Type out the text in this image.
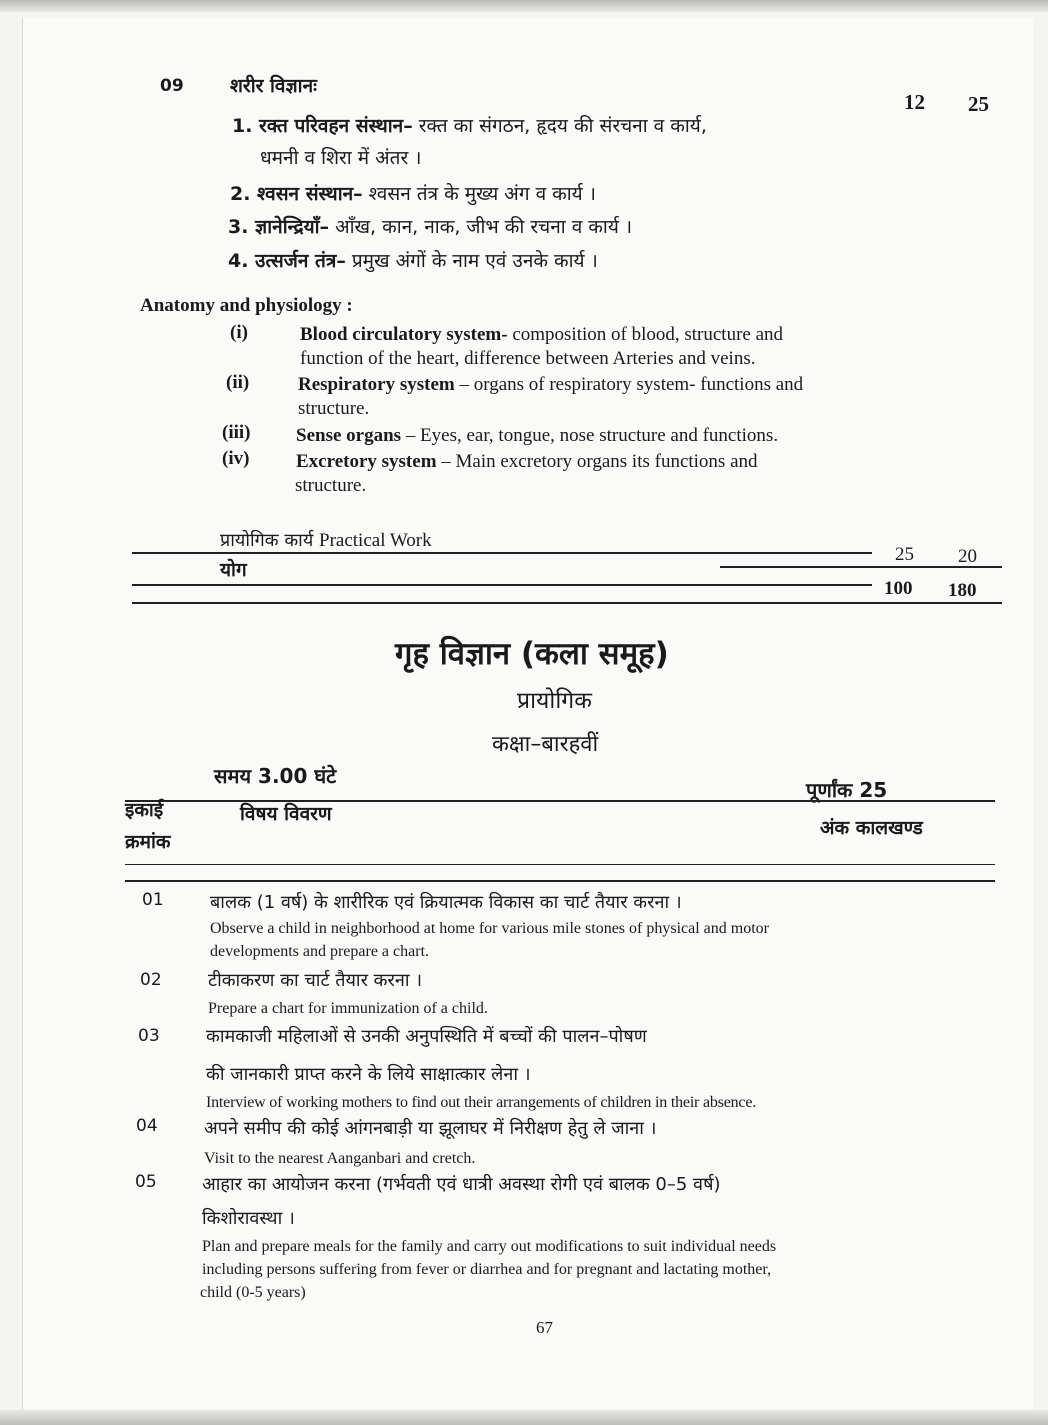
09 शरीर विज्ञानः
12 25
1. रक्त परिवहन संस्थान– रक्त का संगठन, हृदय की संरचना व कार्य,
धमनी व शिरा में अंतर ।
2. श्वसन संस्थान– श्वसन तंत्र के मुख्य अंग व कार्य ।
3. ज्ञानेन्द्रियाँ– आँख, कान, नाक, जीभ की रचना व कार्य ।
4. उत्सर्जन तंत्र– प्रमुख अंगों के नाम एवं उनके कार्य ।
Anatomy and physiology :
(i)	Blood circulatory system- composition of blood, structure and
function of the heart, difference between Arteries and veins.
(ii)	Respiratory system – organs of respiratory system- functions and
structure.
(iii) Sense organs – Eyes, ear, tongue, nose structure and functions.
(iv) Excretory system – Main excretory organs its functions and
structure.
प्रायोगिक कार्य Practical Work
25 20
योग
100 180
गृह विज्ञान (कला समूह)
प्रायोगिक
कक्षा–बारहवीं
समय 3.00 घंटे
पूर्णांक 25
इकाई
क्रमांक
विषय विवरण
अंक कालखण्ड
01	बालक (1 वर्ष) के शारीरिक एवं क्रियात्मक विकास का चार्ट तैयार करना ।
Observe a child in neighborhood at home for various mile stones of physical and motor
developments and prepare a chart.
02	टीकाकरण का चार्ट तैयार करना ।
Prepare a chart for immunization of a child.
03	कामकाजी महिलाओं से उनकी अनुपस्थिति में बच्चों की पालन–पोषण
की जानकारी प्राप्त करने के लिये साक्षात्कार लेना ।
Interview of working mothers to find out their arrangements of children in their absence.
04	अपने समीप की कोई आंगनबाड़ी या झूलाघर में निरीक्षण हेतु ले जाना ।
Visit to the nearest Aanganbari and cretch.
05	आहार का आयोजन करना (गर्भवती एवं धात्री अवस्था रोगी एवं बालक 0–5 वर्ष)
किशोरावस्था ।
Plan and prepare meals for the family and carry out modifications to suit individual needs
including persons suffering from fever or diarrhea and for pregnant and lactating mother,
child (0-5 years)
67
